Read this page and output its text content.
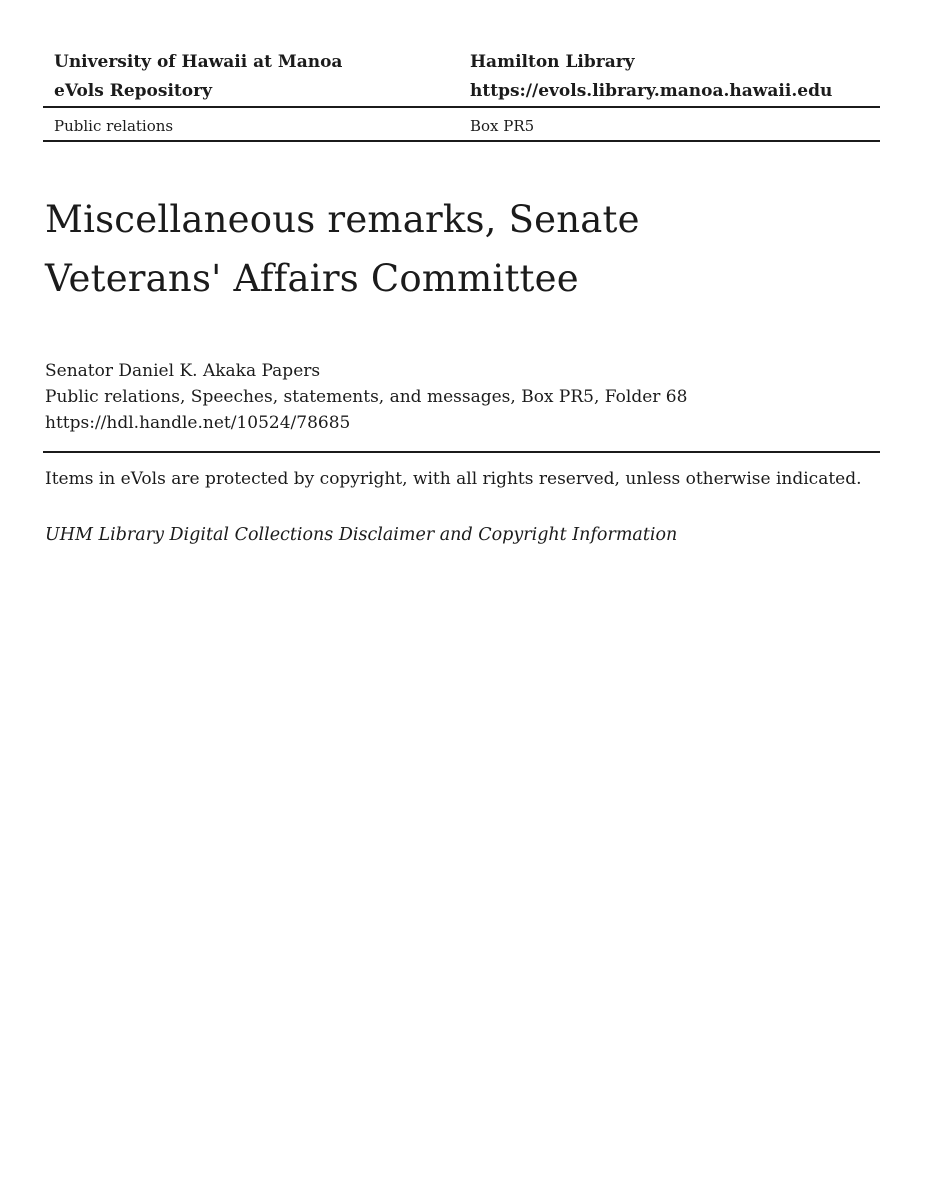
University of Hawaii at Manoa	Hamilton Library
eVols Repository	https://evols.library.manoa.hawaii.edu
Public relations	Box PR5
Miscellaneous remarks, Senate Veterans' Affairs Committee
Senator Daniel K. Akaka Papers
Public relations, Speeches, statements, and messages, Box PR5, Folder 68
https://hdl.handle.net/10524/78685

Items in eVols are protected by copyright, with all rights reserved, unless otherwise indicated.

UHM Library Digital Collections Disclaimer and Copyright Information
